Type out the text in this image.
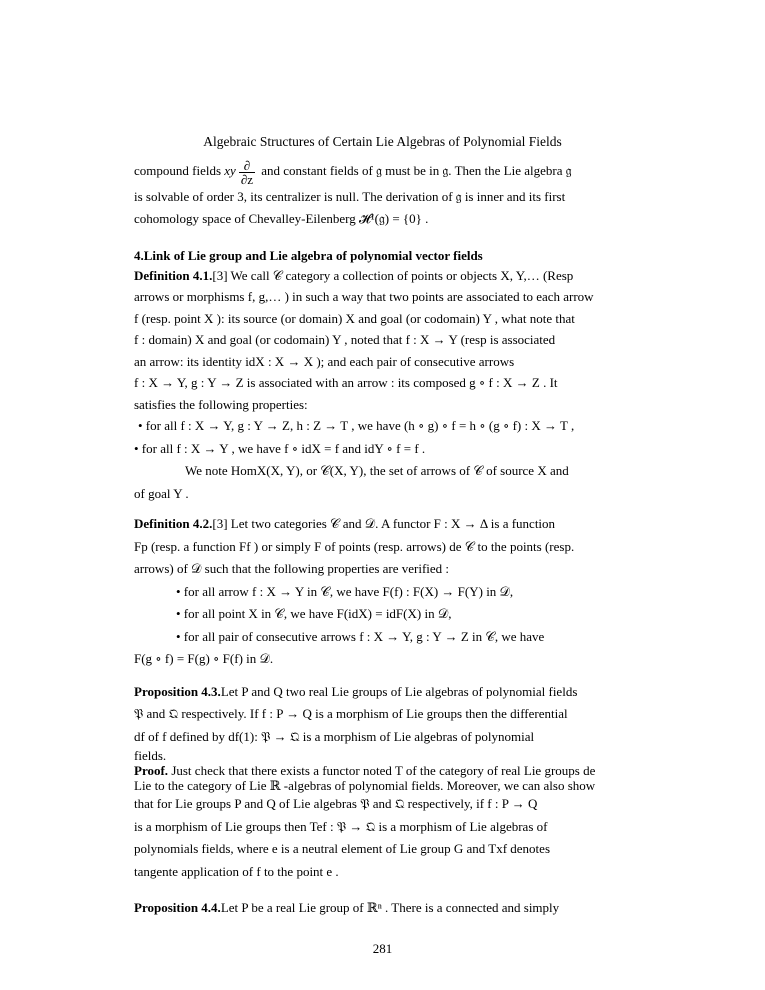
Algebraic Structures of Certain Lie Algebras of Polynomial Fields

compound fields xy $\frac{\partial}{\partial z}$ and constant fields of 𝔤 must be in 𝔤. Then the Lie algebra 𝔤

is solvable of order 3, its centralizer is null. The derivation of 𝔤 is inner and its first

cohomology space of Chevalley-Eilenberg 𝓗¹(𝔤) = {0} .

4.Link of Lie group and Lie algebra of polynomial vector fields

Definition 4.1.[3] We call 𝒞 category a collection of points or objects X, Y,… (Resp
arrows or morphisms f, g,… ) in such a way that two points are associated to each arrow
f (resp. point X ): its source (or domain) X and goal (or codomain) Y , what note that
f : domain) X and goal (or codomain) Y , noted that f : X → Y (resp is associated
an arrow: its identity idX : X → X ); and each pair of consecutive arrows
f : X → Y, g : Y → Z is associated with an arrow : its composed g ∘ f : X → Z . It
satisfies the following properties:

• for all f : X → Y, g : Y → Z, h : Z → T , we have (h ∘ g) ∘ f = h ∘ (g ∘ f) : X → T ,

• for all f : X → Y , we have f ∘ idX = f and idY ∘ f = f .

We note HomX(X, Y), or 𝒞(X, Y), the set of arrows of 𝒞 of source X and

of goal Y .

Definition 4.2.[3] Let two categories 𝒞 and 𝒟. A functor F : X → Δ is a function
Fp (resp. a function Ff ) or simply F of points (resp. arrows) de 𝒞 to the points (resp.
arrows) of 𝒟 such that the following properties are verified :

• for all arrow f : X → Y in 𝒞, we have F(f) : F(X) → F(Y) in 𝒟,

• for all point X in 𝒞, we have F(idX) = idF(X) in 𝒟,

• for all pair of consecutive arrows f : X → Y, g : Y → Z in 𝒞, we have

F(g ∘ f) = F(g) ∘ F(f) in 𝒟.

Proposition 4.3.Let P and Q two real Lie groups of Lie algebras of polynomial fields
𝔓 and 𝔔 respectively. If f : P → Q is a morphism of Lie groups then the differential
df of f defined by df(1): 𝔓 → 𝔔 is a morphism of Lie algebras of polynomial

fields.

Proof. Just check that there exists a functor noted T of the category of real Lie groups de
Lie to the category of Lie ℝ -algebras of polynomial fields. Moreover, we can also show

that for Lie groups P and Q of Lie algebras 𝔓 and 𝔔 respectively, if f : P → Q
is a morphism of Lie groups then Tef : 𝔓 → 𝔔 is a morphism of Lie algebras of
polynomials fields, where e is a neutral element of Lie group G and Txf denotes
tangente application of f to the point e .

Proposition 4.4.Let P be a real Lie group of ℝⁿ . There is a connected and simply

281
